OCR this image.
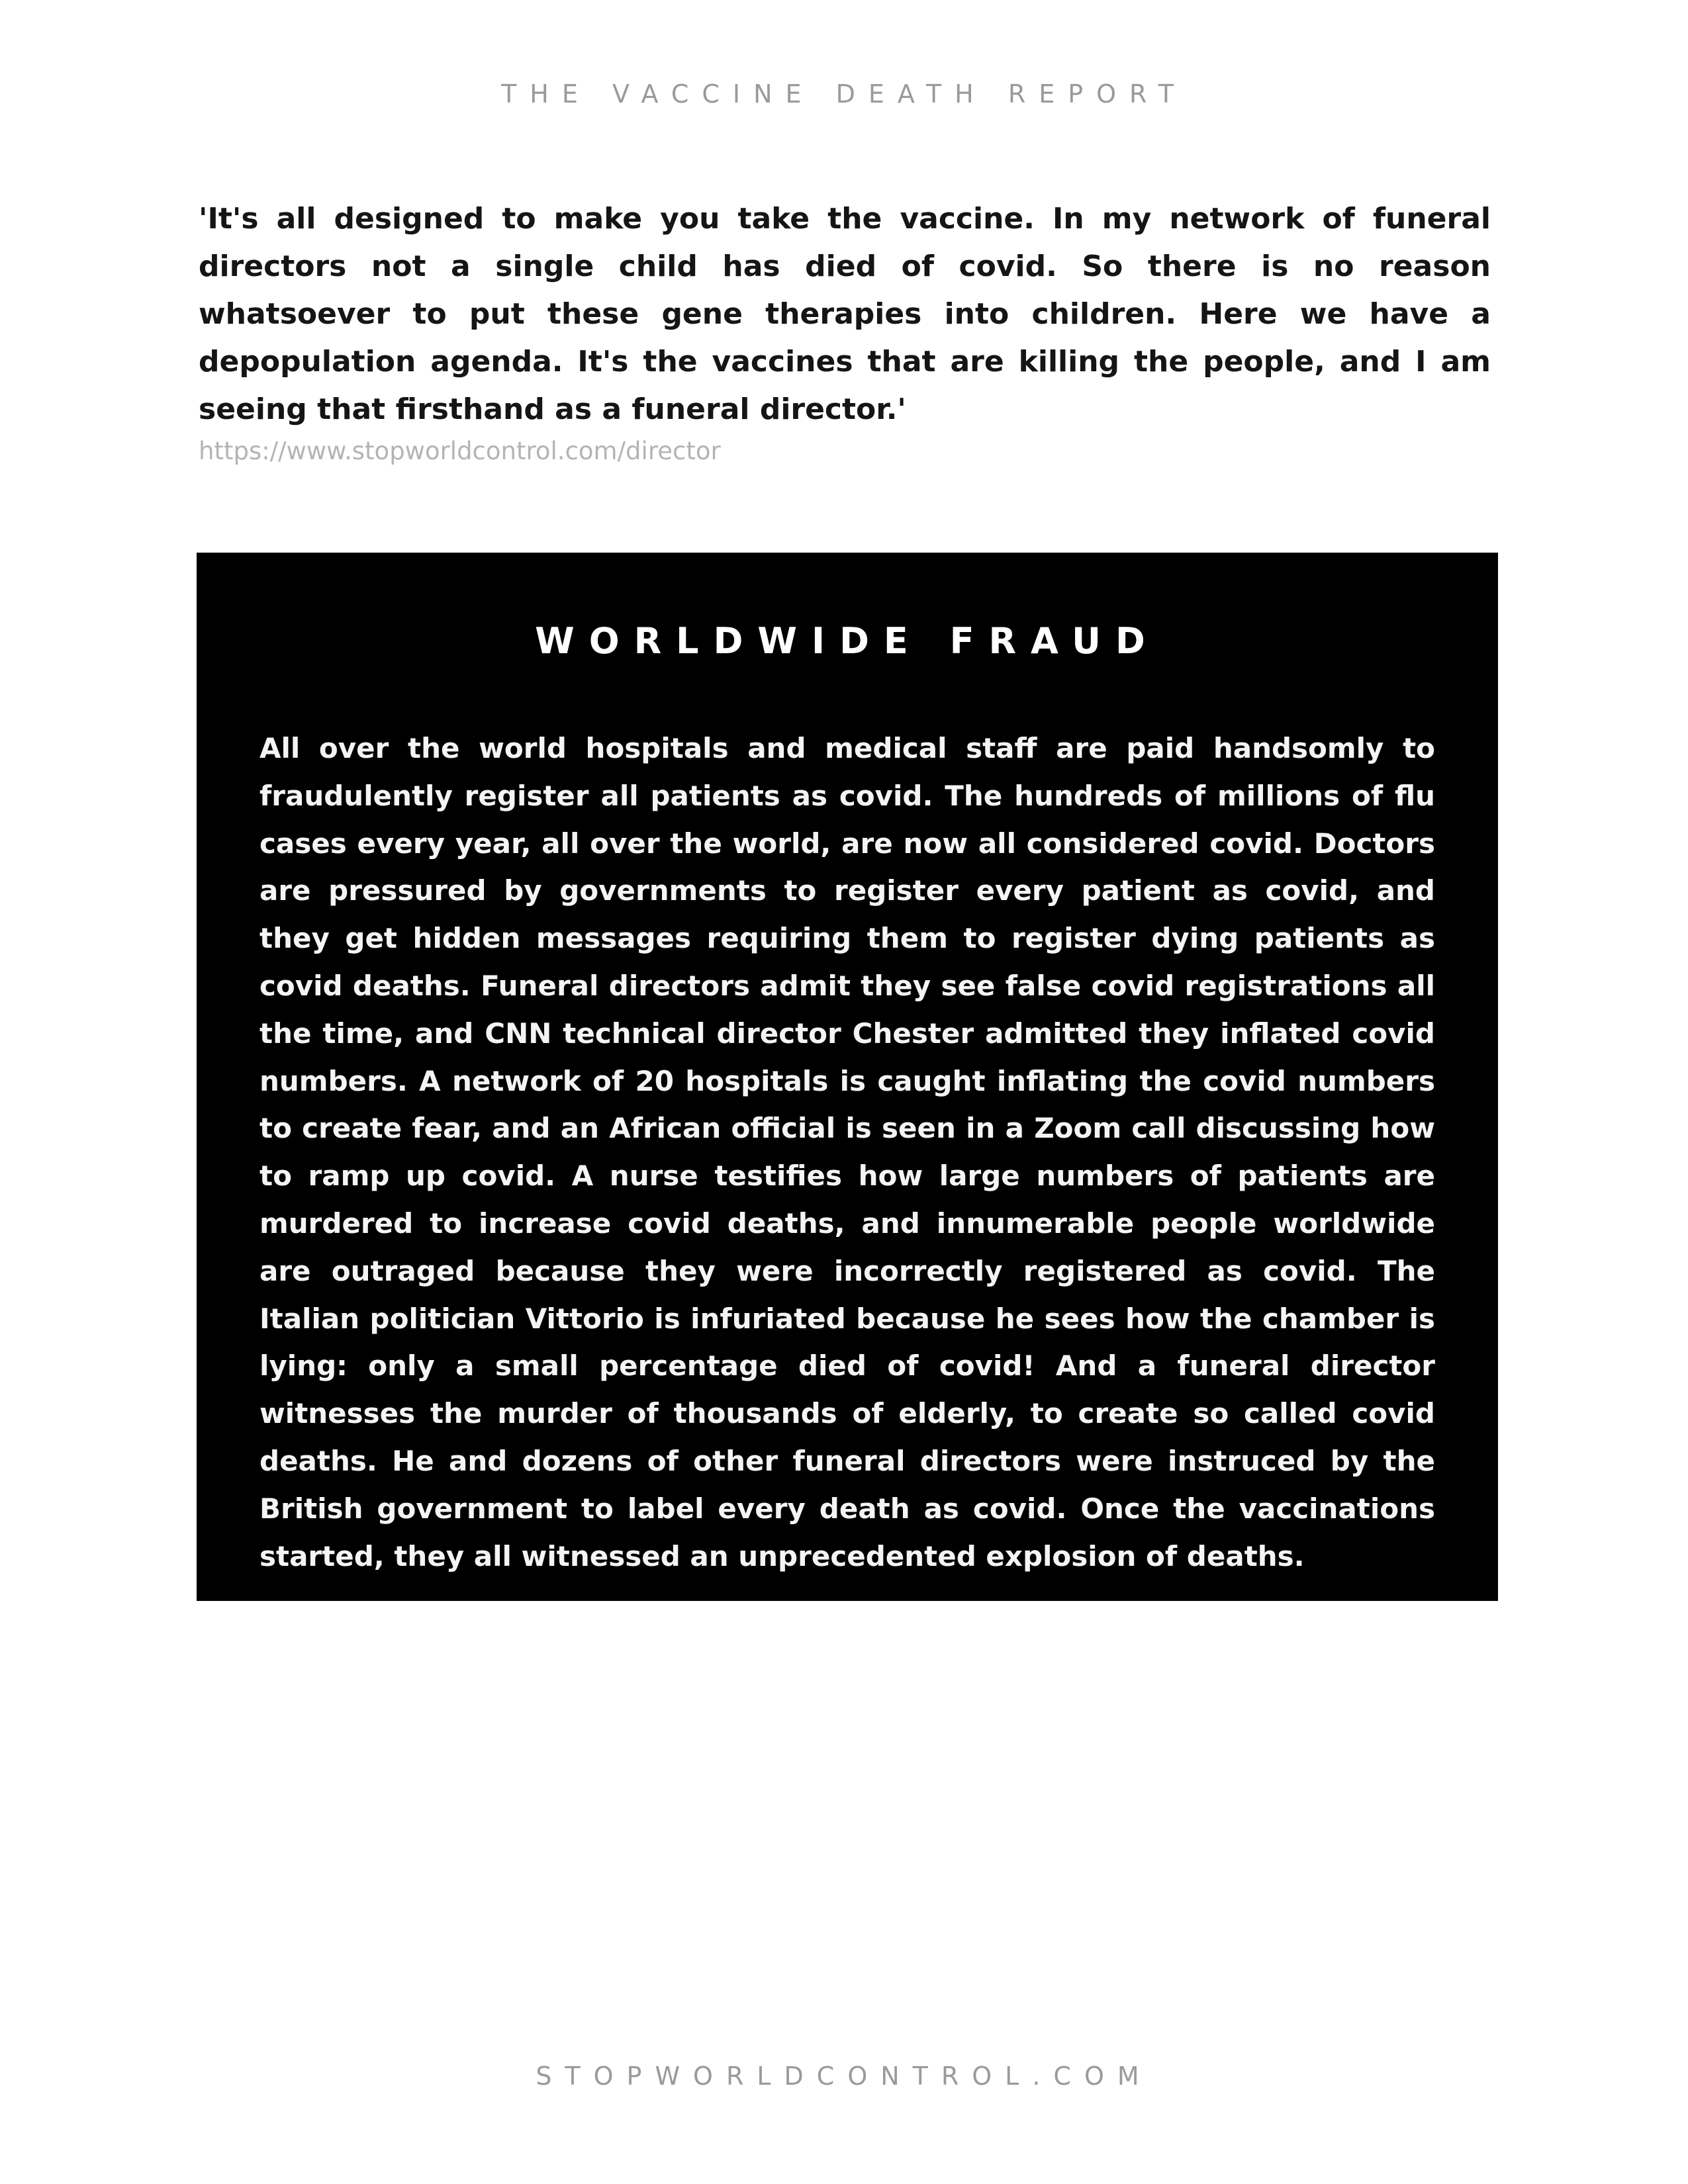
THE VACCINE DEATH REPORT

'It's all designed to make you take the vaccine. In my network of funeral directors not a single child has died of covid. So there is no reason whatsoever to put these gene therapies into children. Here we have a depopulation agenda. It's the vaccines that are killing the people, and I am seeing that firsthand as a funeral director.'

https://www.stopworldcontrol.com/director
WORLDWIDE FRAUD

All over the world hospitals and medical staff are paid handsomly to fraudulently register all patients as covid. The hundreds of millions of flu cases every year, all over the world, are now all considered covid. Doctors are pressured by governments to register every patient as covid, and they get hidden messages requiring them to register dying patients as covid deaths. Funeral directors admit they see false covid registrations all the time, and CNN technical director Chester admitted they inflated covid numbers. A network of 20 hospitals is caught inflating the covid numbers to create fear, and an African official is seen in a Zoom call discussing how to ramp up covid. A nurse testifies how large numbers of patients are murdered to increase covid deaths, and innumerable people worldwide are outraged because they were incorrectly registered as covid. The Italian politician Vittorio is infuriated because he sees how the chamber is lying: only a small percentage died of covid! And a funeral director witnesses the murder of thousands of elderly, to create so called covid deaths. He and dozens of other funeral directors were instruced by the British government to label every death as covid. Once the vaccinations started, they all witnessed an unprecedented explosion of deaths.

STOPWORLDCONTROL.COM
